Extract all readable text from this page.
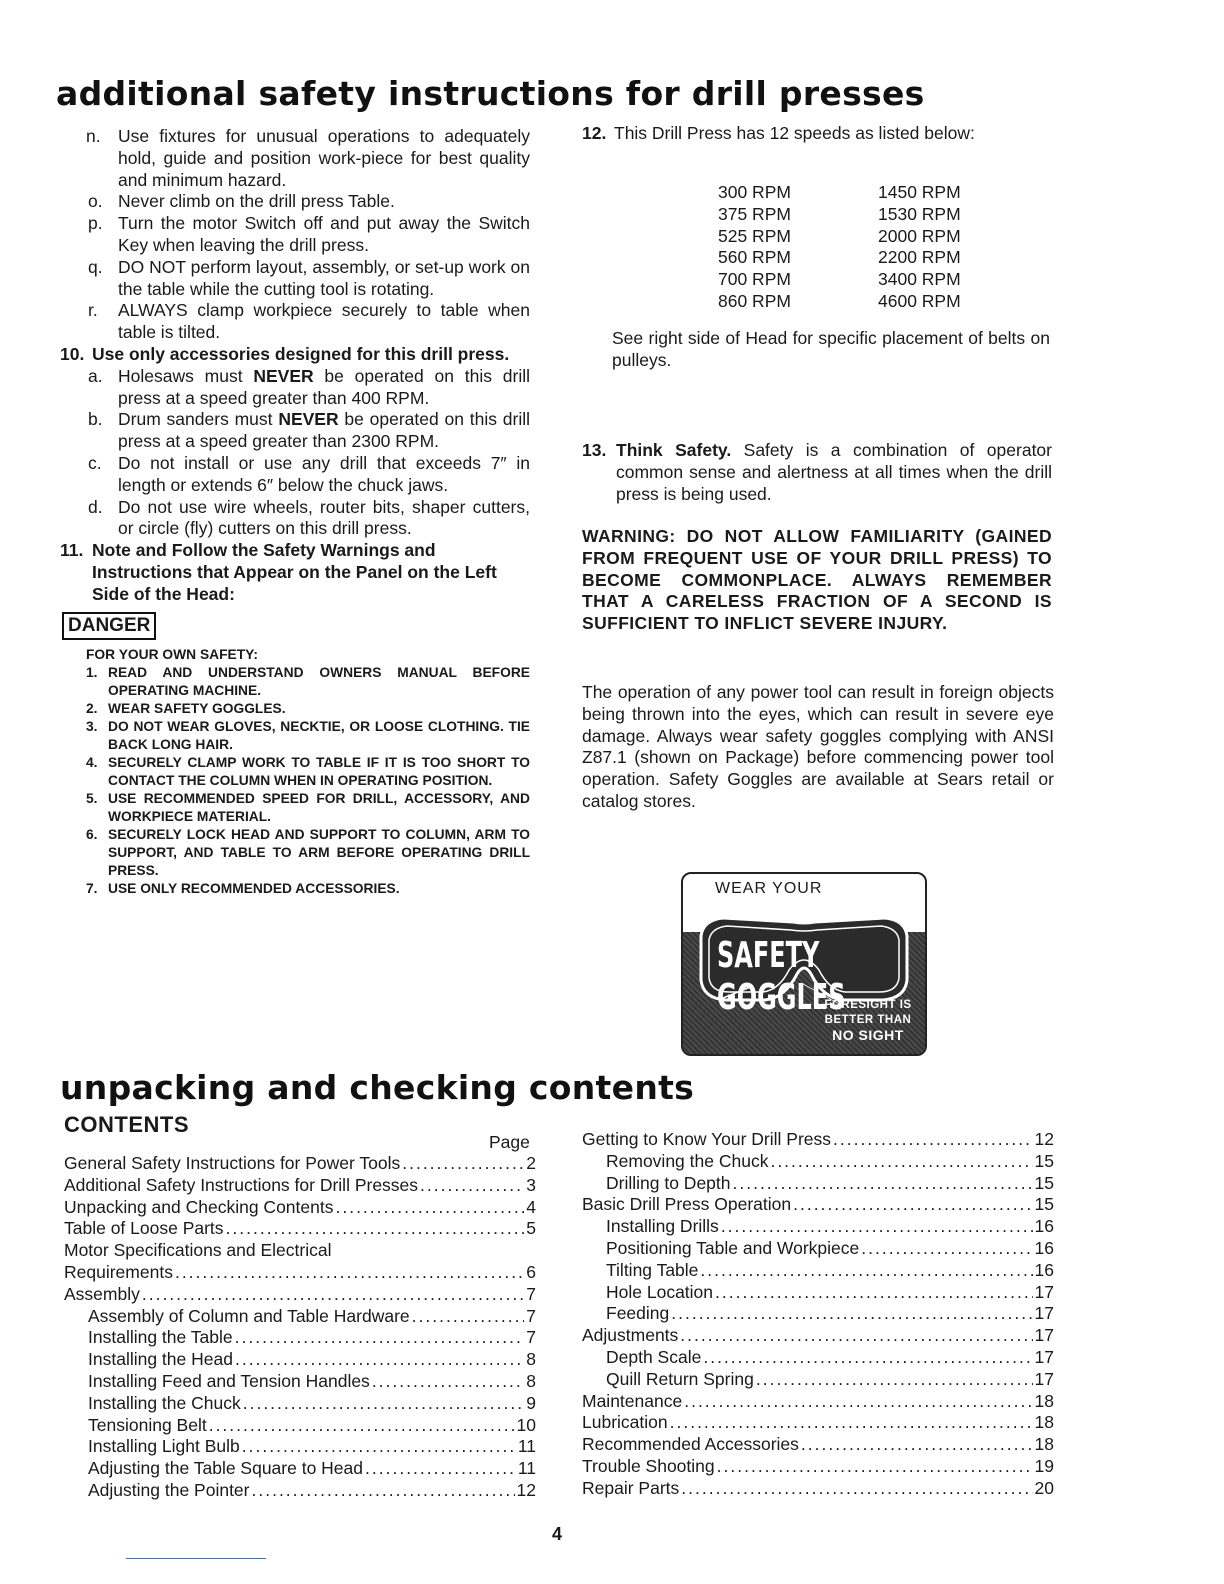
additional safety instructions for drill presses
n. Use fixtures for unusual operations to adequately hold, guide and position work-piece for best quality and minimum hazard.
o. Never climb on the drill press Table.
p. Turn the motor Switch off and put away the Switch Key when leaving the drill press.
q. DO NOT perform layout, assembly, or set-up work on the table while the cutting tool is rotating.
r.	ALWAYS clamp workpiece securely to table when table is tilted.
10. Use only accessories designed for this drill press.
a. Holesaws must NEVER be operated on this drill press at a speed greater than 400 RPM.
b. Drum sanders must NEVER be operated on this drill press at a speed greater than 2300 RPM.
c. Do not install or use any drill that exceeds 7″ in length or extends 6″ below the chuck jaws.
d. Do not use wire wheels, router bits, shaper cutters, or circle (fly) cutters on this drill press.
11. Note and Follow the Safety Warnings and Instructions that Appear on the Panel on the Left Side of the Head:
DANGER
FOR YOUR OWN SAFETY:
1. READ AND UNDERSTAND OWNERS MANUAL BEFORE OPERATING MACHINE.
2. WEAR SAFETY GOGGLES.
3. DO NOT WEAR GLOVES, NECKTIE, OR LOOSE CLOTHING. TIE BACK LONG HAIR.
4. SECURELY CLAMP WORK TO TABLE IF IT IS TOO SHORT TO CONTACT THE COLUMN WHEN IN OPERATING POSITION.
5. USE RECOMMENDED SPEED FOR DRILL, ACCESSORY, AND WORKPIECE MATERIAL.
6. SECURELY LOCK HEAD AND SUPPORT TO COLUMN, ARM TO SUPPORT, AND TABLE TO ARM BEFORE OPERATING DRILL PRESS.
7. USE ONLY RECOMMENDED ACCESSORIES.
12. This Drill Press has 12 speeds as listed below:
300 RPM	1450 RPM
375 RPM	1530 RPM
525 RPM	2000 RPM
560 RPM	2200 RPM
700 RPM	3400 RPM
860 RPM	4600 RPM
See right side of Head for specific placement of belts on pulleys.
13. Think Safety. Safety is a combination of operator common sense and alertness at all times when the drill press is being used.
WARNING: DO NOT ALLOW FAMILIARITY (GAINED FROM FREQUENT USE OF YOUR DRILL PRESS) TO BECOME COMMONPLACE. ALWAYS REMEMBER THAT A CARELESS FRACTION OF A SECOND IS SUFFICIENT TO INFLICT SEVERE INJURY.
The operation of any power tool can result in foreign objects being thrown into the eyes, which can result in severe eye damage. Always wear safety goggles complying with ANSI Z87.1 (shown on Package) before commencing power tool operation. Safety Goggles are available at Sears retail or catalog stores.
WEAR YOUR
SAFETY GOGGLES
FORESIGHT IS
BETTER THAN
NO SIGHT
unpacking and checking contents
CONTENTS
Page
General Safety Instructions for Power Tools .....	2
Additional Safety Instructions for Drill Presses .....	3
Unpacking and Checking Contents .....	4
Table of Loose Parts .....	5
Motor Specifications and Electrical
Requirements .....	6
Assembly .....	7
Assembly of Column and Table Hardware .....	7
Installing the Table .....	7
Installing the Head .....	8
Installing Feed and Tension Handles .....	8
Installing the Chuck .....	9
Tensioning Belt .....	10
Installing Light Bulb .....	11
Adjusting the Table Square to Head .....	11
Adjusting the Pointer .....	12
Getting to Know Your Drill Press .....	12
Removing the Chuck .....	15
Drilling to Depth .....	15
Basic Drill Press Operation .....	15
Installing Drills .....	16
Positioning Table and Workpiece .....	16
Tilting Table .....	16
Hole Location .....	17
Feeding .....	17
Adjustments .....	17
Depth Scale .....	17
Quill Return Spring .....	17
Maintenance .....	18
Lubrication .....	18
Recommended Accessories .....	18
Trouble Shooting .....	19
Repair Parts .....	20
4
